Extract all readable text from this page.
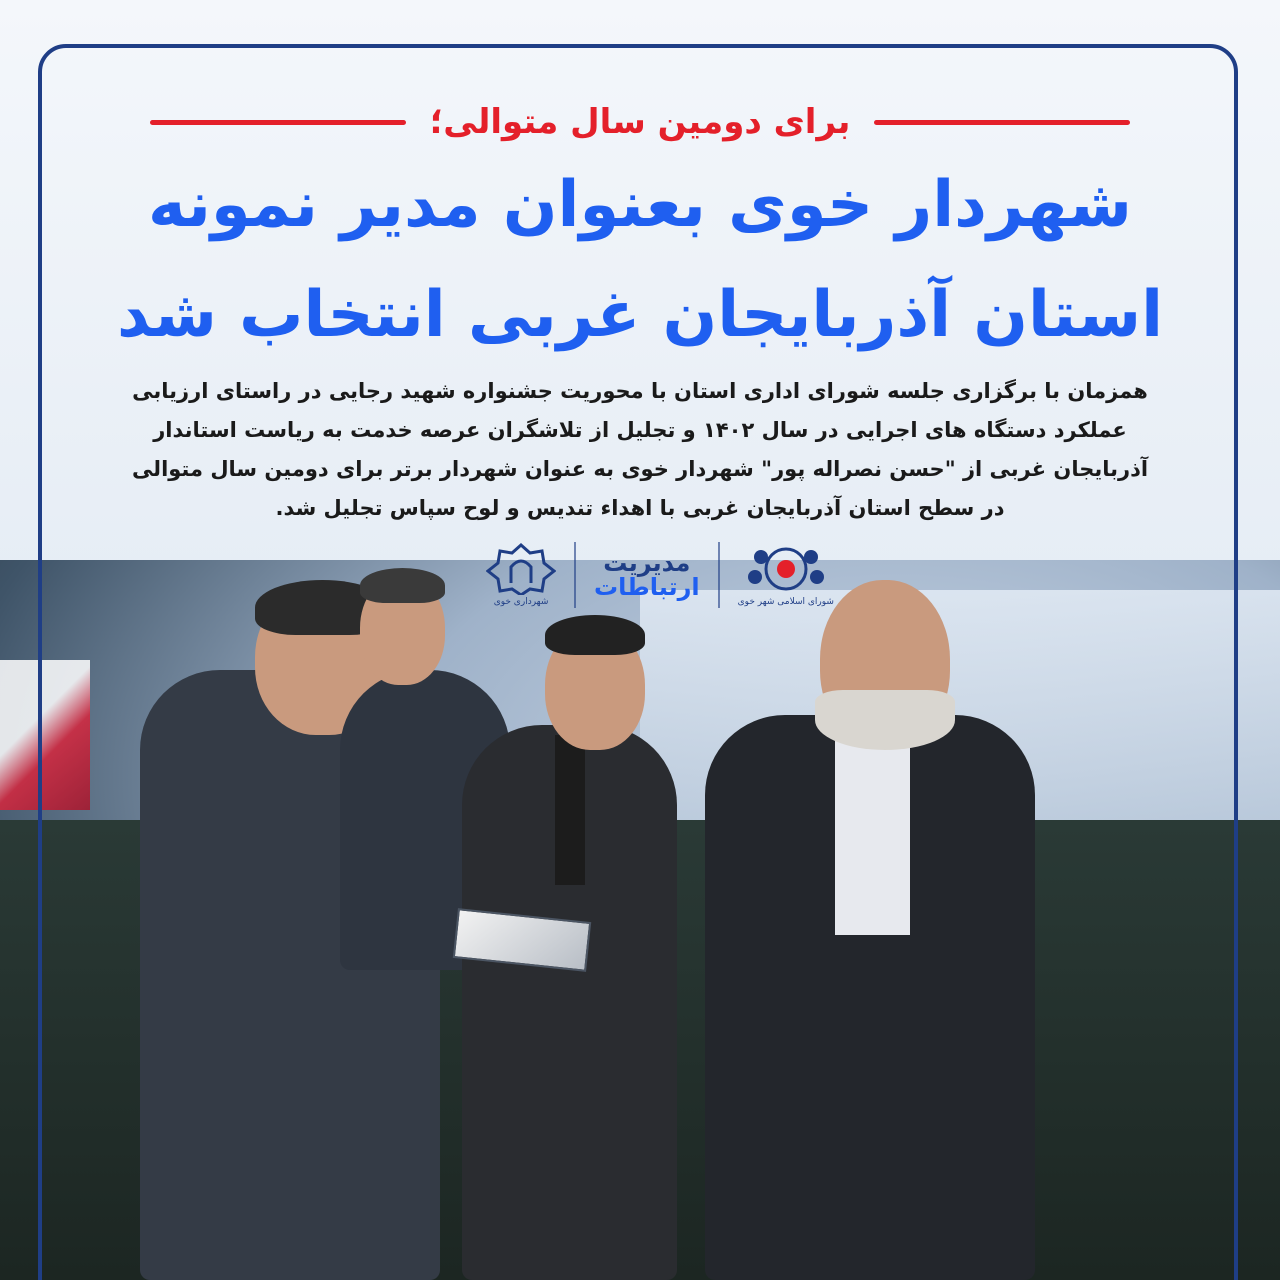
برای دومین سال متوالی؛
شهردار خوی بعنوان مدیر نمونه
استان آذربایجان غربی انتخاب شد
همزمان با برگزاری جلسه شورای اداری استان با محوریت جشنواره شهید رجایی در راستای ارزیابی
عملکرد دستگاه های اجرایی در سال ۱۴۰۲ و تجلیل از تلاشگران عرصه خدمت به ریاست استاندار
آذربایجان غربی از "حسن نصراله پور" شهردار خوی به عنوان شهردار برتر برای دومین سال متوالی
در سطح استان آذربایجان غربی با اهداء تندیس و لوح سپاس تجلیل شد.
شهرداری خوی
مدیریت
ارتباطات
شورای اسلامی شهر خوی
